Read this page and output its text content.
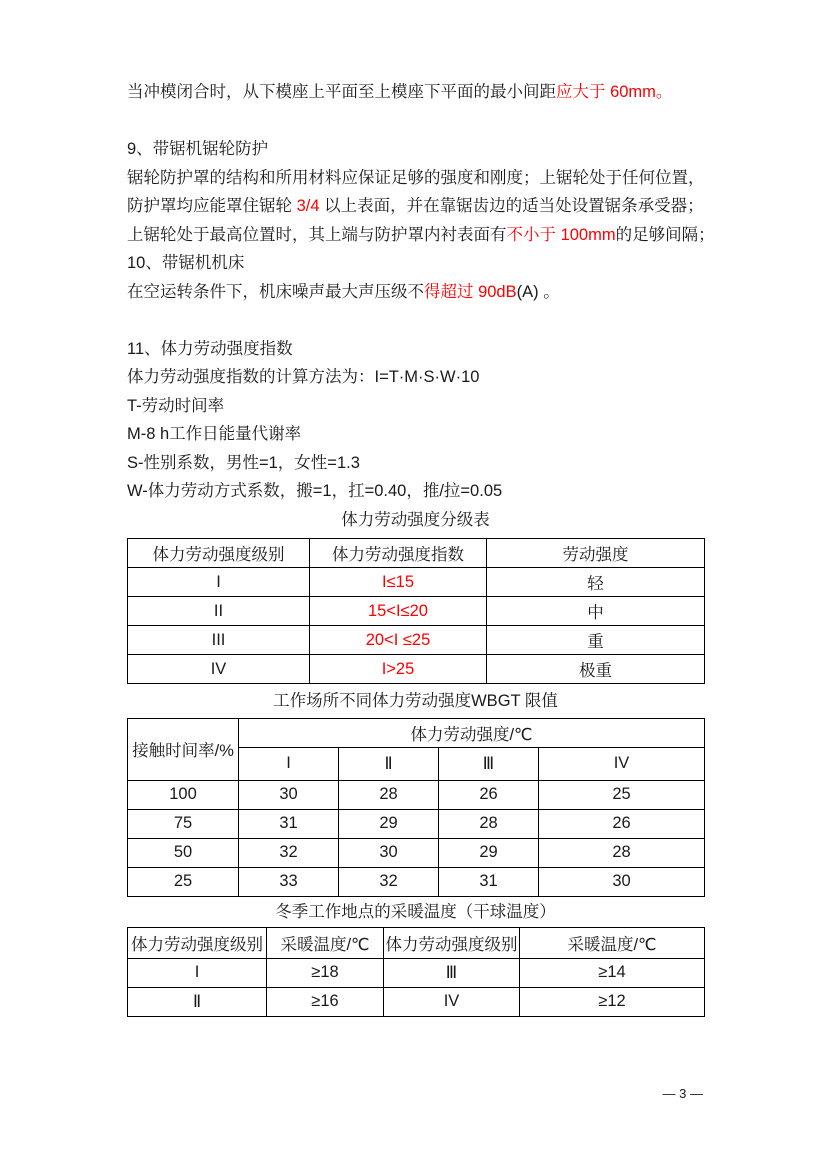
当冲模闭合时，从下模座上平面至上模座下平面的最小间距应大于 60mm。

9、带锯机锯轮防护

锯轮防护罩的结构和所用材料应保证足够的强度和刚度；上锯轮处于任何位置，

防护罩均应能罩住锯轮 3/4 以上表面，并在靠锯齿边的适当处设置锯条承受器；

上锯轮处于最高位置时，其上端与防护罩内衬表面有不小于 100mm的足够间隔；

10、带锯机机床

在空运转条件下，机床噪声最大声压级不得超过 90dB(A) 。

11、体力劳动强度指数

体力劳动强度指数的计算方法为：I=T·M·S·W·10

T-劳动时间率

M-8 h工作日能量代谢率

S-性别系数，男性=1，女性=1.3

W-体力劳动方式系数，搬=1，扛=0.40，推/拉=0.05

体力劳动强度分级表

体力劳动强度级别	体力劳动强度指数	劳动强度
I	I≤15	轻
II	15<I≤20	中
III	20<I ≤25	重
IV	I>25	极重

工作场所不同体力劳动强度WBGT 限值

接触时间率/%	体力劳动强度/℃			
	I	Ⅱ	Ⅲ	IV
100	30	28	26	25
75	31	29	28	26
50	32	30	29	28
25	33	32	31	30

冬季工作地点的采暖温度（干球温度）

体力劳动强度级别	采暖温度/℃	体力劳动强度级别	采暖温度/℃
I	≥18	Ⅲ	≥14
Ⅱ	≥16	IV	≥12
— 3 —
